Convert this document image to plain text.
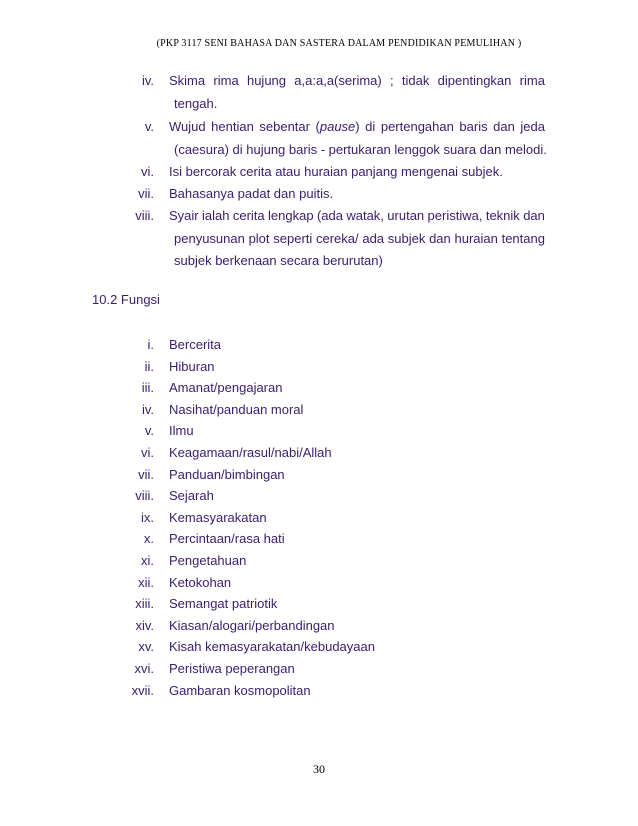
(PKP 3117 SENI BAHASA DAN SASTERA DALAM PENDIDIKAN PEMULIHAN )
iv. Skima rima hujung a,a:a,a(serima) ; tidak dipentingkan rima
tengah.
v. Wujud hentian sebentar (pause) di pertengahan baris dan jeda
(caesura) di hujung baris - pertukaran lenggok suara dan melodi.
vi. Isi bercorak cerita atau huraian panjang mengenai subjek.
vii. Bahasanya padat dan puitis.
viii. Syair ialah cerita lengkap (ada watak, urutan peristiwa, teknik dan
penyusunan plot seperti cereka/ ada subjek dan huraian tentang
subjek berkenaan secara berurutan)
10.2 Fungsi
i. Bercerita
ii. Hiburan
iii. Amanat/pengajaran
iv. Nasihat/panduan moral
v. Ilmu
vi. Keagamaan/rasul/nabi/Allah
vii. Panduan/bimbingan
viii. Sejarah
ix. Kemasyarakatan
x. Percintaan/rasa hati
xi. Pengetahuan
xii. Ketokohan
xiii. Semangat patriotik
xiv. Kiasan/alogari/perbandingan
xv. Kisah kemasyarakatan/kebudayaan
xvi. Peristiwa peperangan
xvii. Gambaran kosmopolitan
30
